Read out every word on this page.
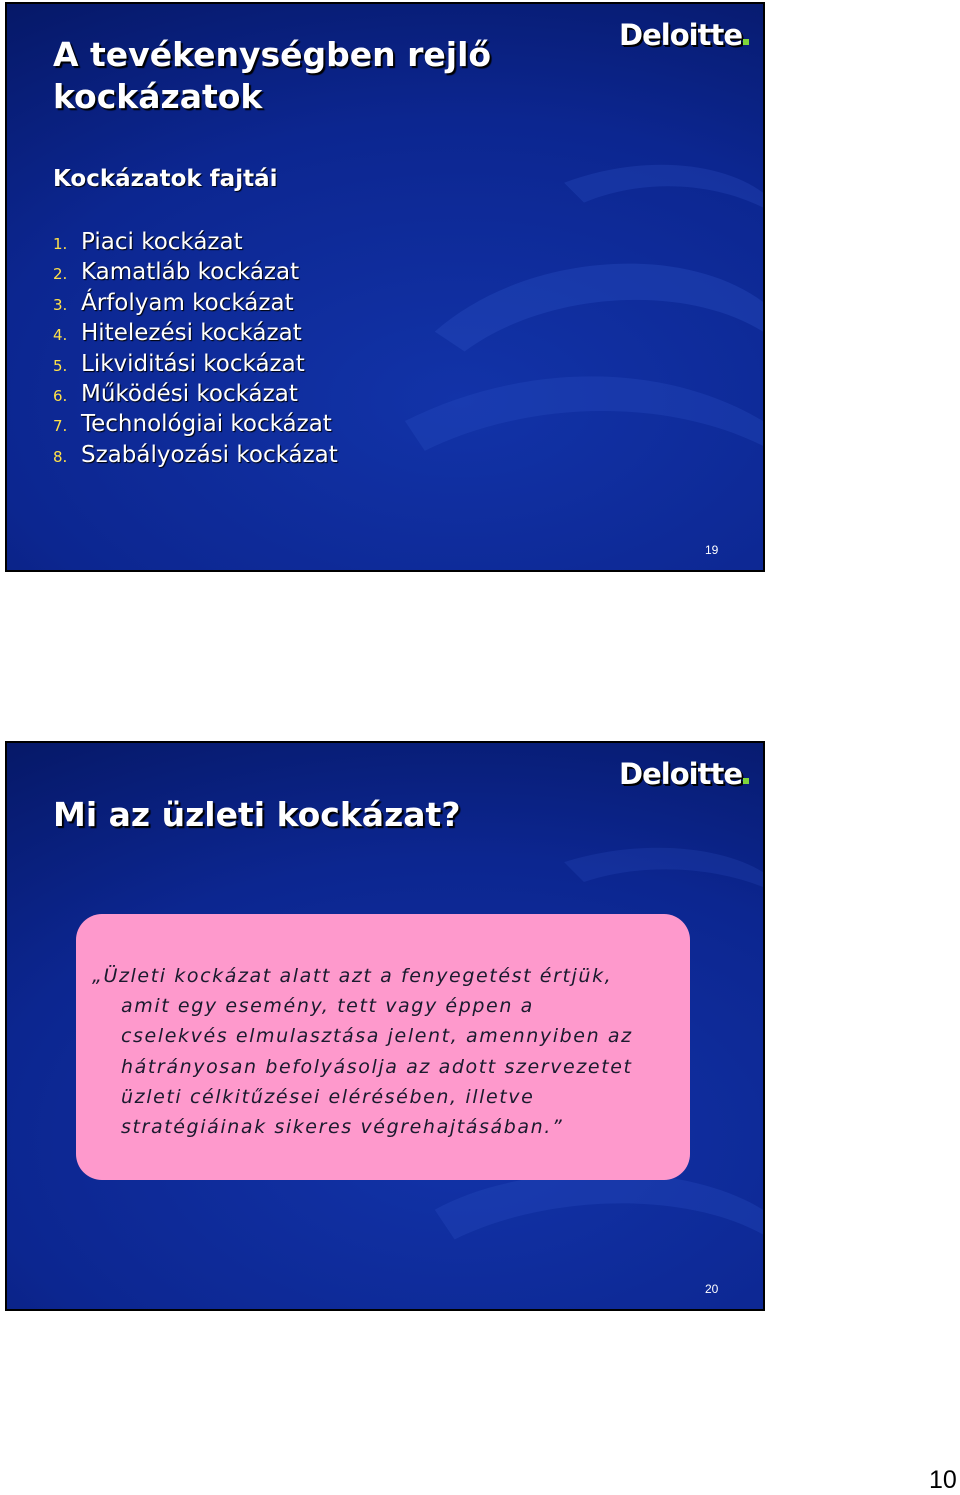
Deloitte
A tevékenységben rejlő kockázatok
Kockázatok fajtái
1. Piaci kockázat
2. Kamatláb kockázat
3. Árfolyam kockázat
4. Hitelezési kockázat
5. Likviditási kockázat
6. Működési kockázat
7. Technológiai kockázat
8. Szabályozási kockázat
19
Deloitte
Mi az üzleti kockázat?

„Üzleti kockázat alatt azt a fenyegetést értjük,
amit egy esemény, tett vagy éppen a
cselekvés elmulasztása jelent, amennyiben az
hátrányosan befolyásolja az adott szervezetet
üzleti célkitűzései elérésében, illetve
stratégiáinak sikeres végrehajtásában.”

20
10
